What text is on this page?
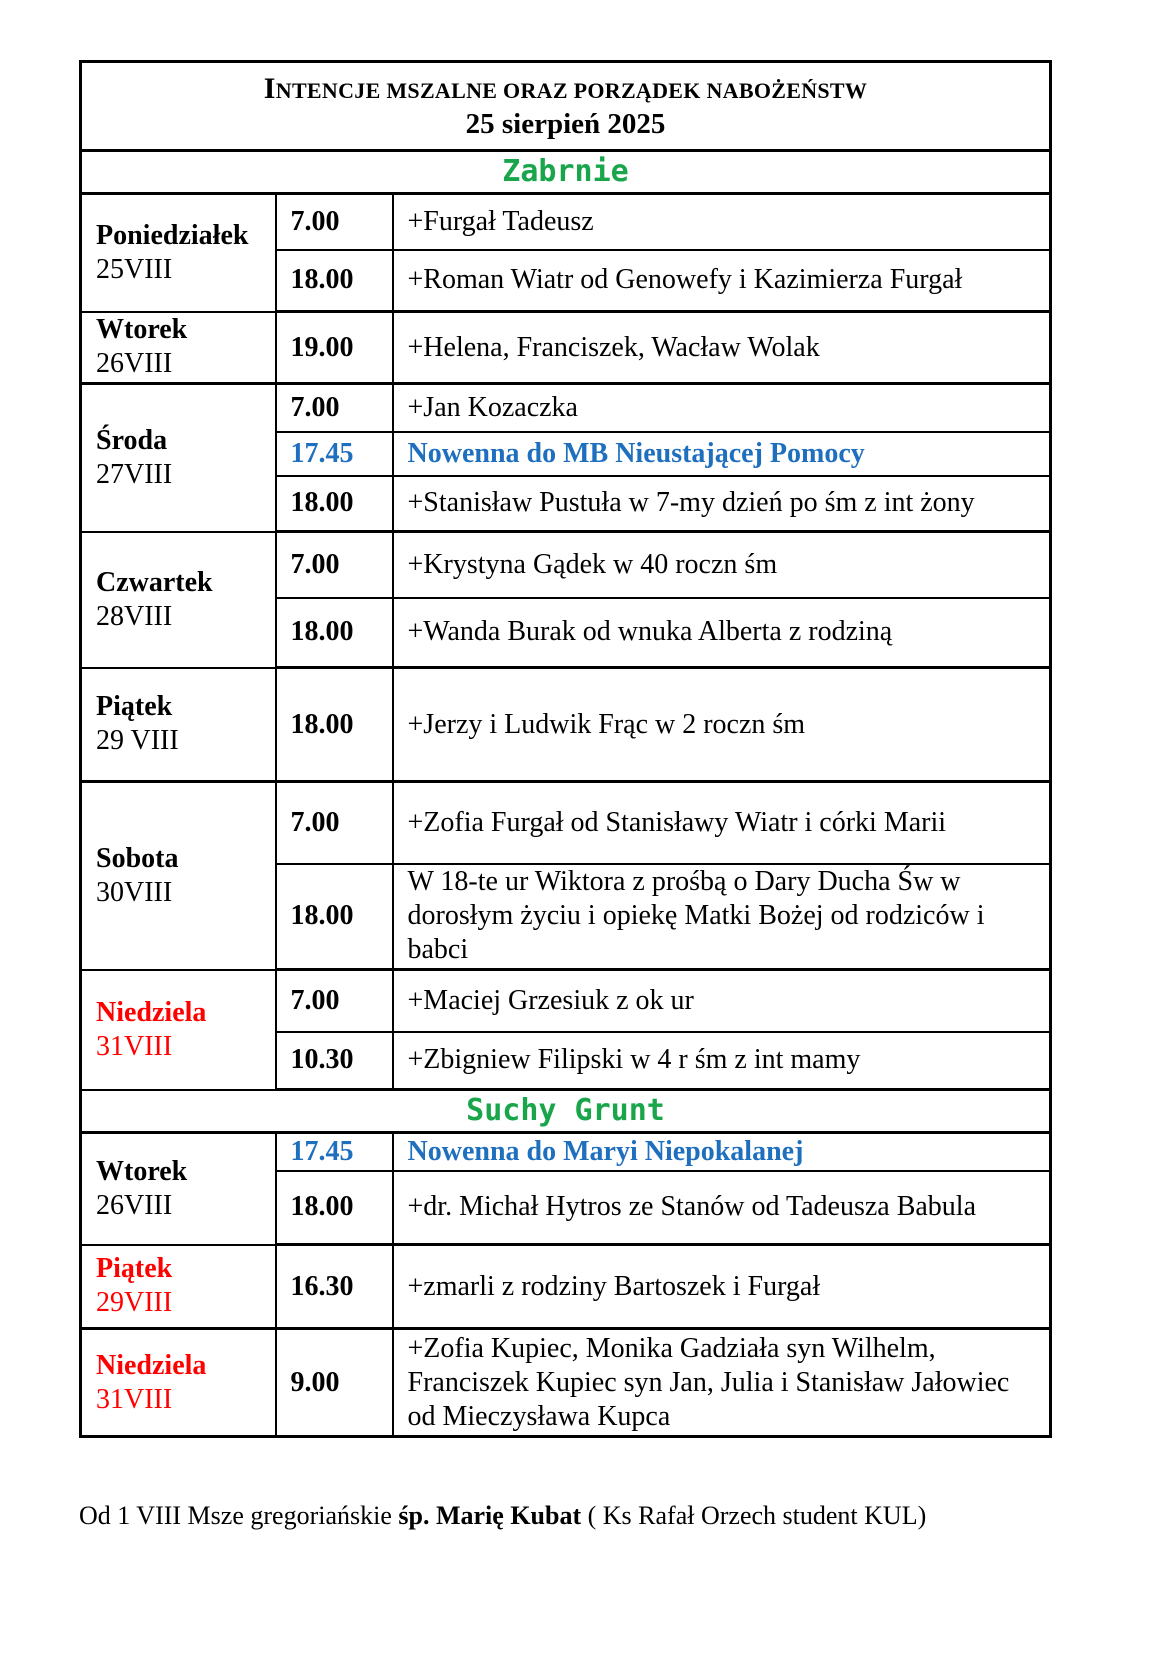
INTENCJE MSZALNE ORAZ PORZĄDEK NABOŻEŃSTW
25 sierpień 2025		

Zabrnie		

Poniedziałek
25VIII	7.00	+Furgał Tadeusz
	18.00	+Roman Wiatr od Genowefy i Kazimierza Furgał

Wtorek
26VIII	19.00	+Helena, Franciszek, Wacław Wolak

Środa
27VIII	7.00	+Jan Kozaczka
	17.45	Nowenna do MB Nieustającej Pomocy
	18.00	+Stanisław Pustuła w 7-my dzień po śm z int żony

Czwartek
28VIII	7.00	+Krystyna Gądek w 40 roczn śm
	18.00	+Wanda Burak od wnuka Alberta z rodziną

Piątek
29 VIII	18.00	+Jerzy i Ludwik Frąc w 2 roczn śm

Sobota
30VIII	7.00	+Zofia Furgał od Stanisławy Wiatr i córki Marii
	18.00	W 18-te ur Wiktora z prośbą o Dary Ducha Św w dorosłym życiu i opiekę Matki Bożej od rodziców i babci

Niedziela
31VIII	7.00	+Maciej Grzesiuk z ok ur
	10.30	+Zbigniew Filipski w 4 r śm z int mamy
Suchy Grunt		

Wtorek
26VIII	17.45	Nowenna do Maryi Niepokalanej
	18.00	+dr. Michał Hytros ze Stanów od Tadeusza Babula

Piątek
29VIII	16.30	+zmarli z rodziny Bartoszek i Furgał

Niedziela
31VIII	9.00	+Zofia Kupiec, Monika Gadziała syn Wilhelm, Franciszek Kupiec syn Jan, Julia i Stanisław Jałowiec od Mieczysława Kupca
Od 1 VIII Msze gregoriańskie śp. Marię Kubat ( Ks Rafał Orzech student KUL)
